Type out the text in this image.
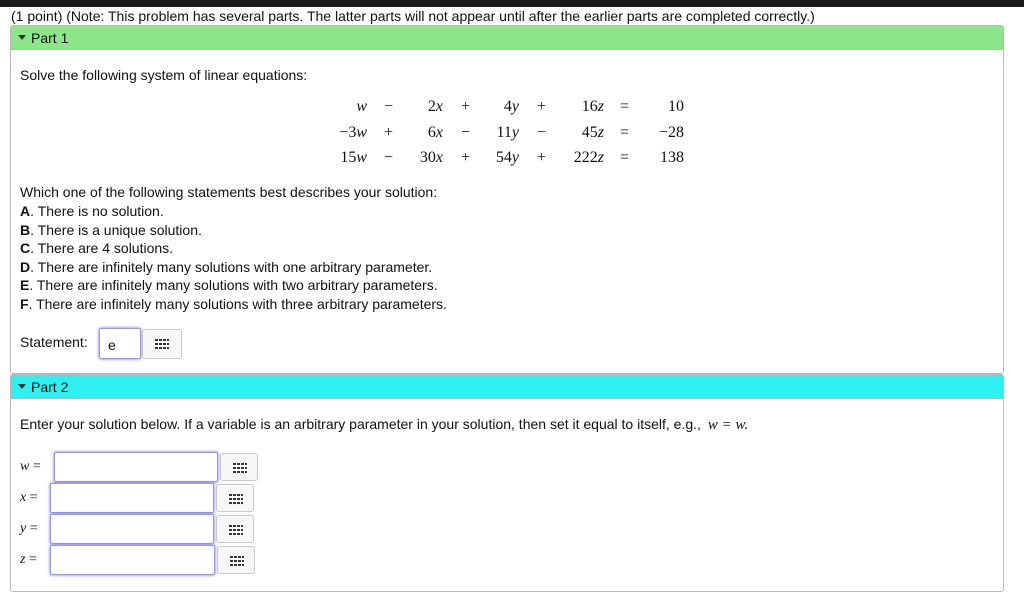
(1 point) (Note: This problem has several parts. The latter parts will not appear until after the earlier parts are completed correctly.)
Part 1
Solve the following system of linear equations:
w − 2x + 4y + 16z = 10
−3w + 6x − 11y − 45z = −28
15w − 30x + 54y + 222z = 138
Which one of the following statements best describes your solution:
A. There is no solution.
B. There is a unique solution.
C. There are 4 solutions.
D. There are infinitely many solutions with one arbitrary parameter.
E. There are infinitely many solutions with two arbitrary parameters.
F. There are infinitely many solutions with three arbitrary parameters.
Statement: e
Part 2
Enter your solution below. If a variable is an arbitrary parameter in your solution, then set it equal to itself, e.g., w = w.
w =
x =
y =
z =
